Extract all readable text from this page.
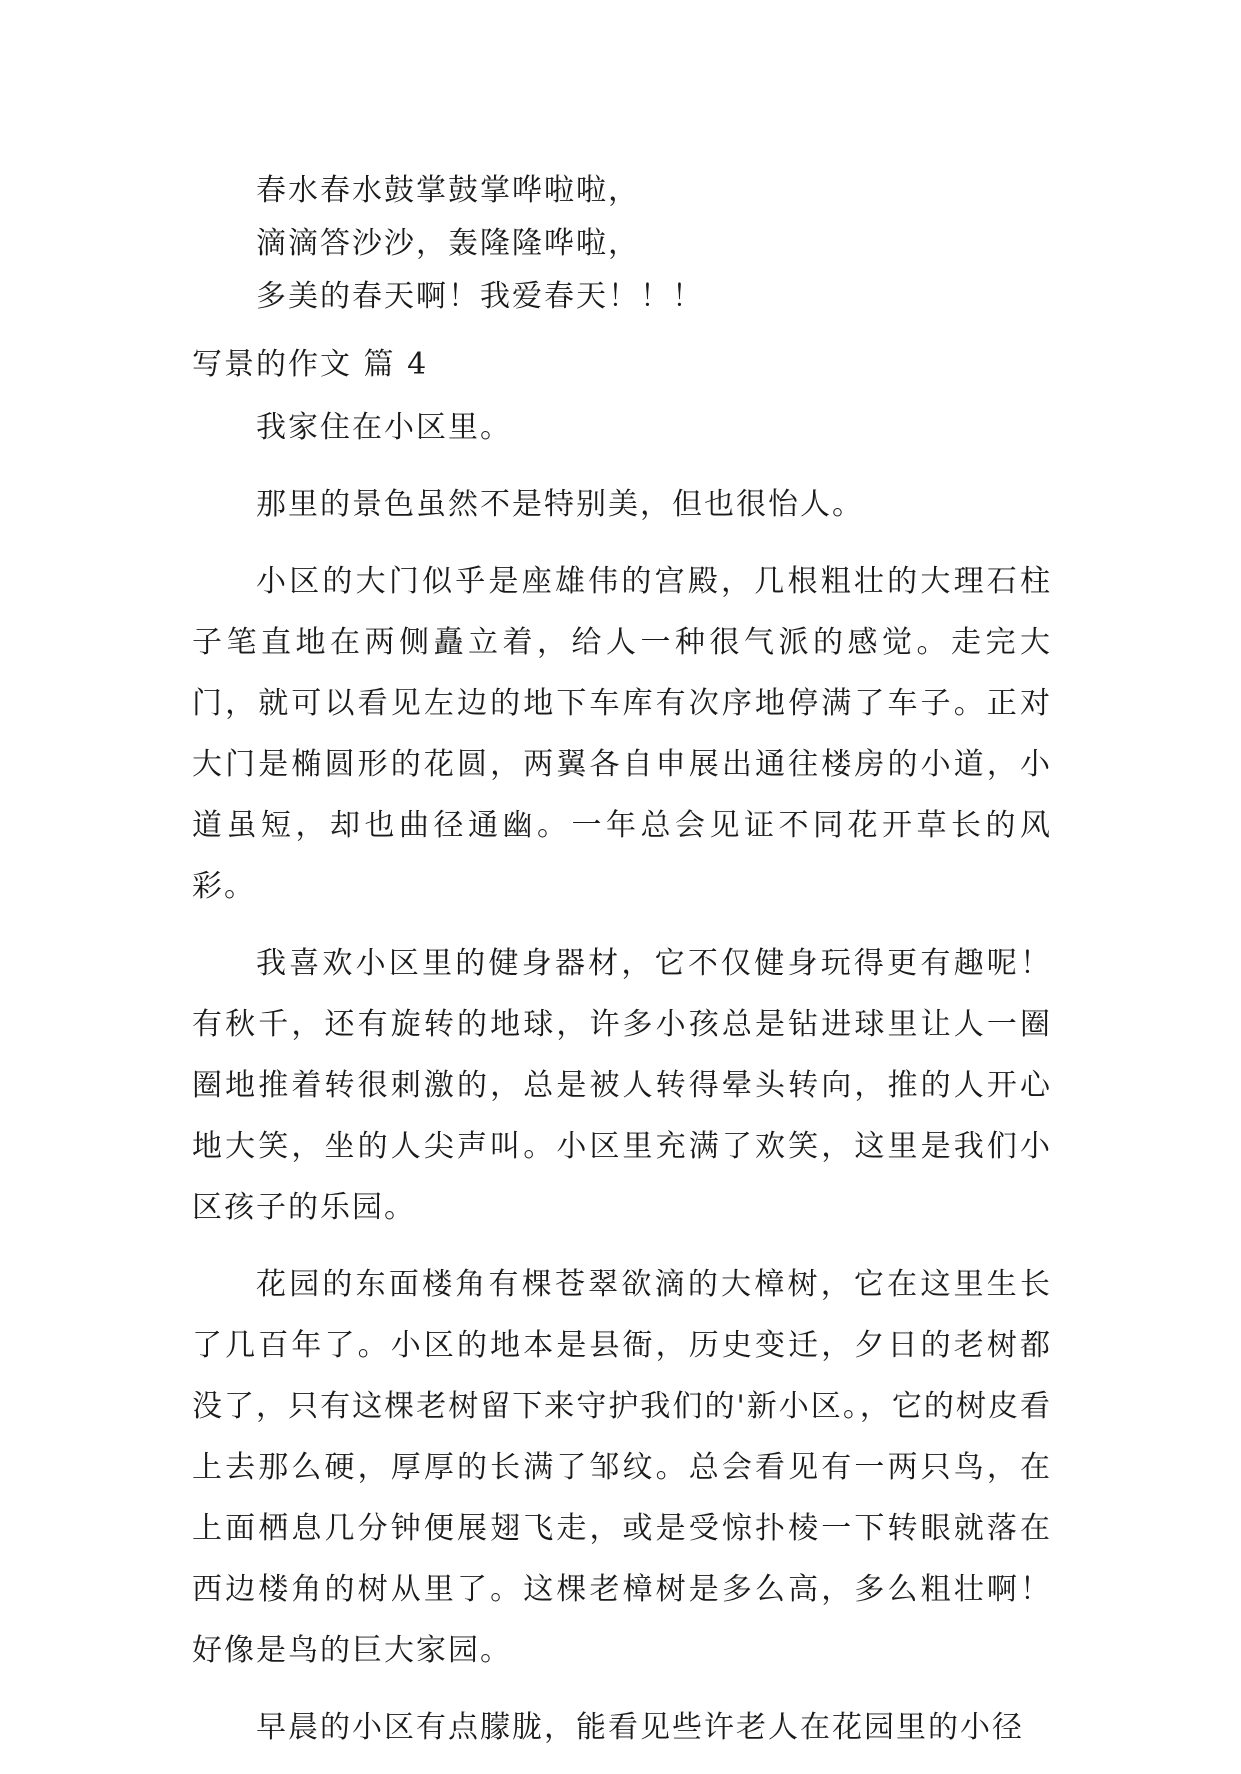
春水春水鼓掌鼓掌哗啦啦，
滴滴答沙沙，轰隆隆哗啦，
多美的春天啊！我爱春天！！！
写景的作文 篇 4

我家住在小区里。

那里的景色虽然不是特别美，但也很怡人。

小区的大门似乎是座雄伟的宫殿，几根粗壮的大理石柱子笔直地在两侧矗立着，给人一种很气派的感觉。走完大门，就可以看见左边的地下车库有次序地停满了车子。正对大门是椭圆形的花圆，两翼各自申展出通往楼房的小道，小道虽短，却也曲径通幽。一年总会见证不同花开草长的风彩。

我喜欢小区里的健身器材，它不仅健身玩得更有趣呢！有秋千，还有旋转的地球，许多小孩总是钻进球里让人一圈圈地推着转很刺激的，总是被人转得晕头转向，推的人开心地大笑，坐的人尖声叫。小区里充满了欢笑，这里是我们小区孩子的乐园。

花园的东面楼角有棵苍翠欲滴的大樟树，它在这里生长了几百年了。小区的地本是县衙，历史变迁，夕日的老树都没了，只有这棵老树留下来守护我们的'新小区。，它的树皮看上去那么硬，厚厚的长满了邹纹。总会看见有一两只鸟，在上面栖息几分钟便展翅飞走，或是受惊扑棱一下转眼就落在西边楼角的树从里了。这棵老樟树是多么高，多么粗壮啊！好像是鸟的巨大家园。

早晨的小区有点朦胧，能看见些许老人在花园里的小径
